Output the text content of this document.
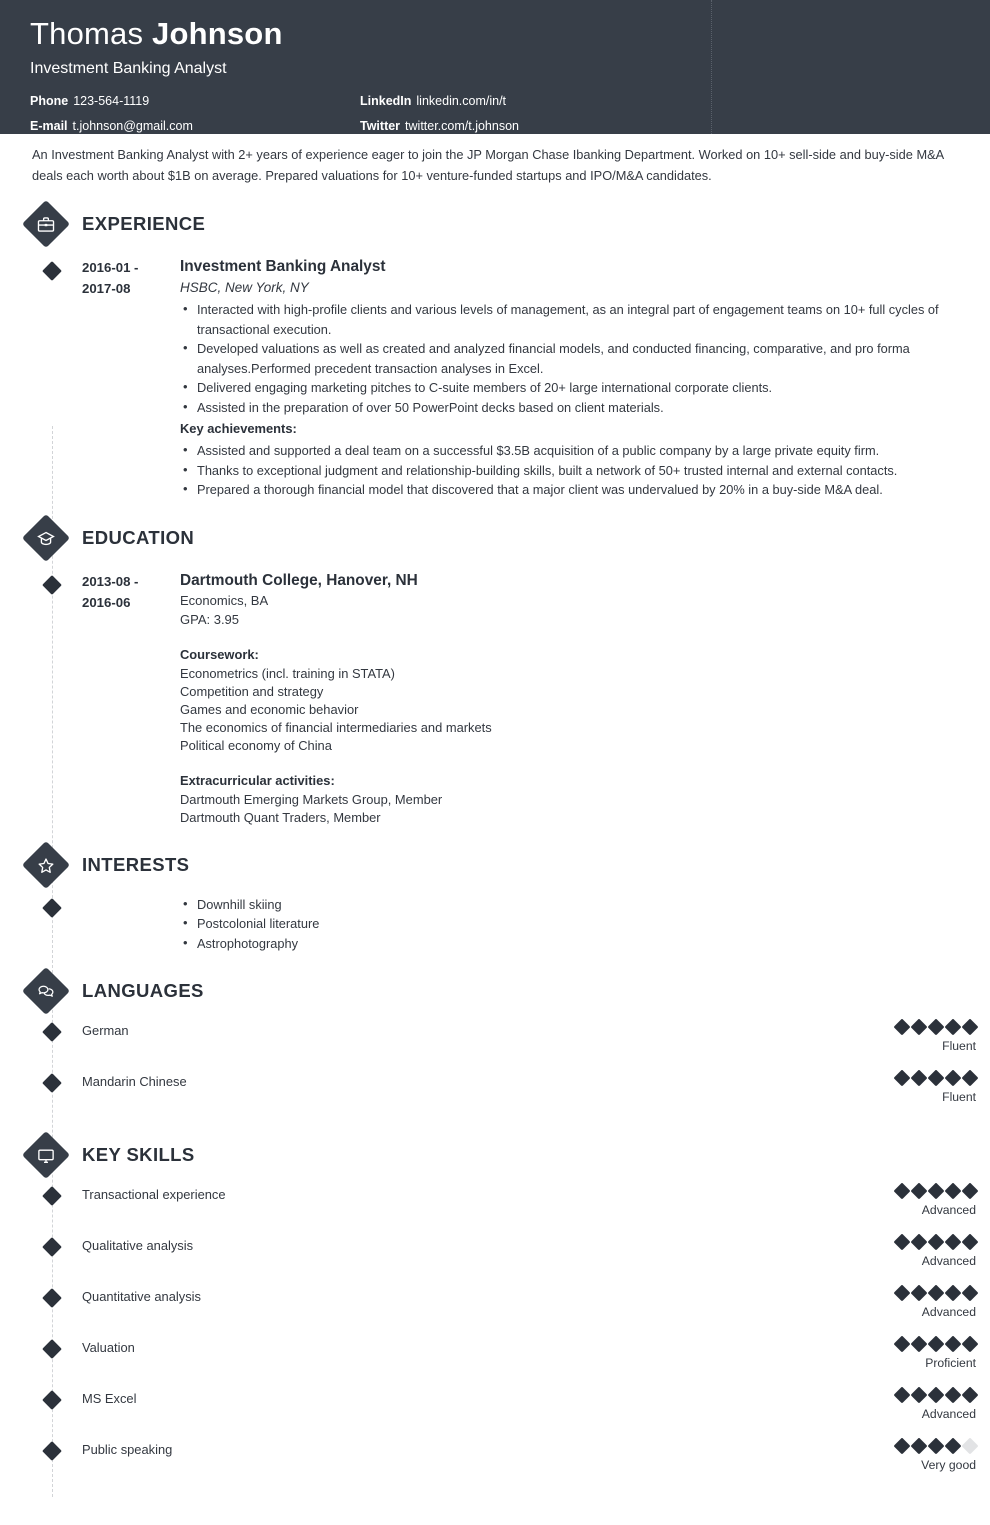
Thomas Johnson
Investment Banking Analyst
Phone 123-564-1119	LinkedIn linkedin.com/in/t
E-mail t.johnson@gmail.com	Twitter twitter.com/t.johnson
An Investment Banking Analyst with 2+ years of experience eager to join the JP Morgan Chase Ibanking Department. Worked on 10+ sell-side and buy-side M&A deals each worth about $1B on average. Prepared valuations for 10+ venture-funded startups and IPO/M&A candidates.
EXPERIENCE
2016-01 -
2017-08
Investment Banking Analyst
HSBC, New York, NY
• Interacted with high-profile clients and various levels of management, as an integral part of engagement teams on 10+ full cycles of transactional execution.
• Developed valuations as well as created and analyzed financial models, and conducted financing, comparative, and pro forma analyses.Performed precedent transaction analyses in Excel.
• Delivered engaging marketing pitches to C-suite members of 20+ large international corporate clients.
• Assisted in the preparation of over 50 PowerPoint decks based on client materials.
Key achievements:
• Assisted and supported a deal team on a successful $3.5B acquisition of a public company by a large private equity firm.
• Thanks to exceptional judgment and relationship-building skills, built a network of 50+ trusted internal and external contacts.
• Prepared a thorough financial model that discovered that a major client was undervalued by 20% in a buy-side M&A deal.
EDUCATION
2013-08 -
2016-06
Dartmouth College, Hanover, NH
Economics, BA
GPA: 3.95
Coursework:
Econometrics (incl. training in STATA)
Competition and strategy
Games and economic behavior
The economics of financial intermediaries and markets
Political economy of China
Extracurricular activities:
Dartmouth Emerging Markets Group, Member
Dartmouth Quant Traders, Member
INTERESTS
• Downhill skiing
• Postcolonial literature
• Astrophotography
LANGUAGES
German
Fluent
Mandarin Chinese
Fluent
KEY SKILLS
Transactional experience
Advanced
Qualitative analysis
Advanced
Quantitative analysis
Advanced
Valuation
Proficient
MS Excel
Advanced
Public speaking
Very good
